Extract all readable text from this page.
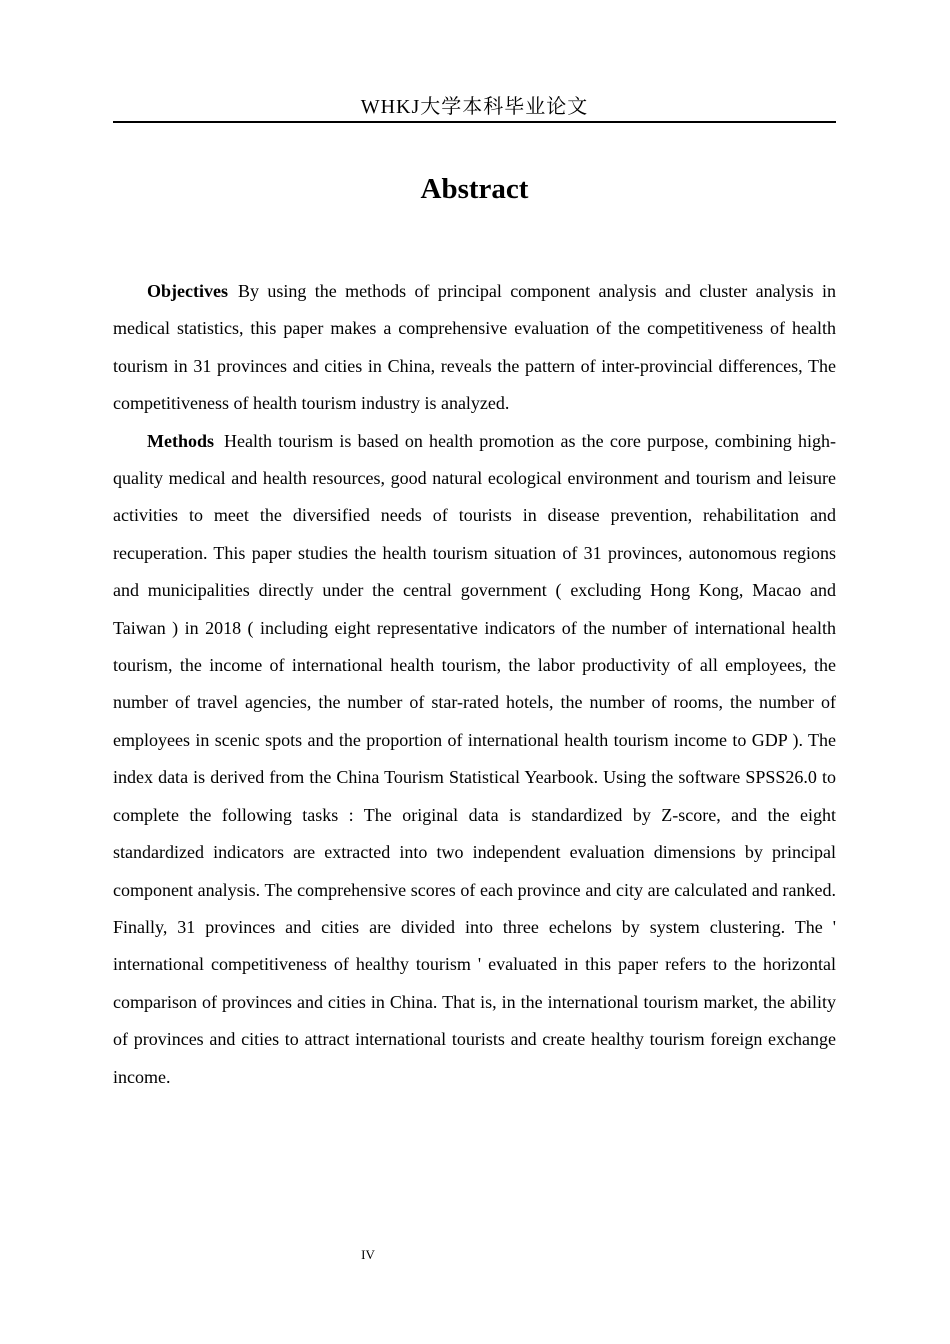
WHKJ大学本科毕业论文
Abstract

Objectives By using the methods of principal component analysis and cluster analysis in medical statistics, this paper makes a comprehensive evaluation of the competitiveness of health tourism in 31 provinces and cities in China, reveals the pattern of inter-provincial differences, The competitiveness of health tourism industry is analyzed.

Methods Health tourism is based on health promotion as the core purpose, combining high-quality medical and health resources, good natural ecological environment and tourism and leisure activities to meet the diversified needs of tourists in disease prevention, rehabilitation and recuperation. This paper studies the health tourism situation of 31 provinces, autonomous regions and municipalities directly under the central government ( excluding Hong Kong, Macao and Taiwan ) in 2018 ( including eight representative indicators of the number of international health tourism, the income of international health tourism, the labor productivity of all employees, the number of travel agencies, the number of star-rated hotels, the number of rooms, the number of employees in scenic spots and the proportion of international health tourism income to GDP ). The index data is derived from the China Tourism Statistical Yearbook. Using the software SPSS26.0 to complete the following tasks : The original data is standardized by Z-score, and the eight standardized indicators are extracted into two independent evaluation dimensions by principal component analysis. The comprehensive scores of each province and city are calculated and ranked. Finally, 31 provinces and cities are divided into three echelons by system clustering. The ' international competitiveness of healthy tourism ' evaluated in this paper refers to the horizontal comparison of provinces and cities in China. That is, in the international tourism market, the ability of provinces and cities to attract international tourists and create healthy tourism foreign exchange income.

IV
